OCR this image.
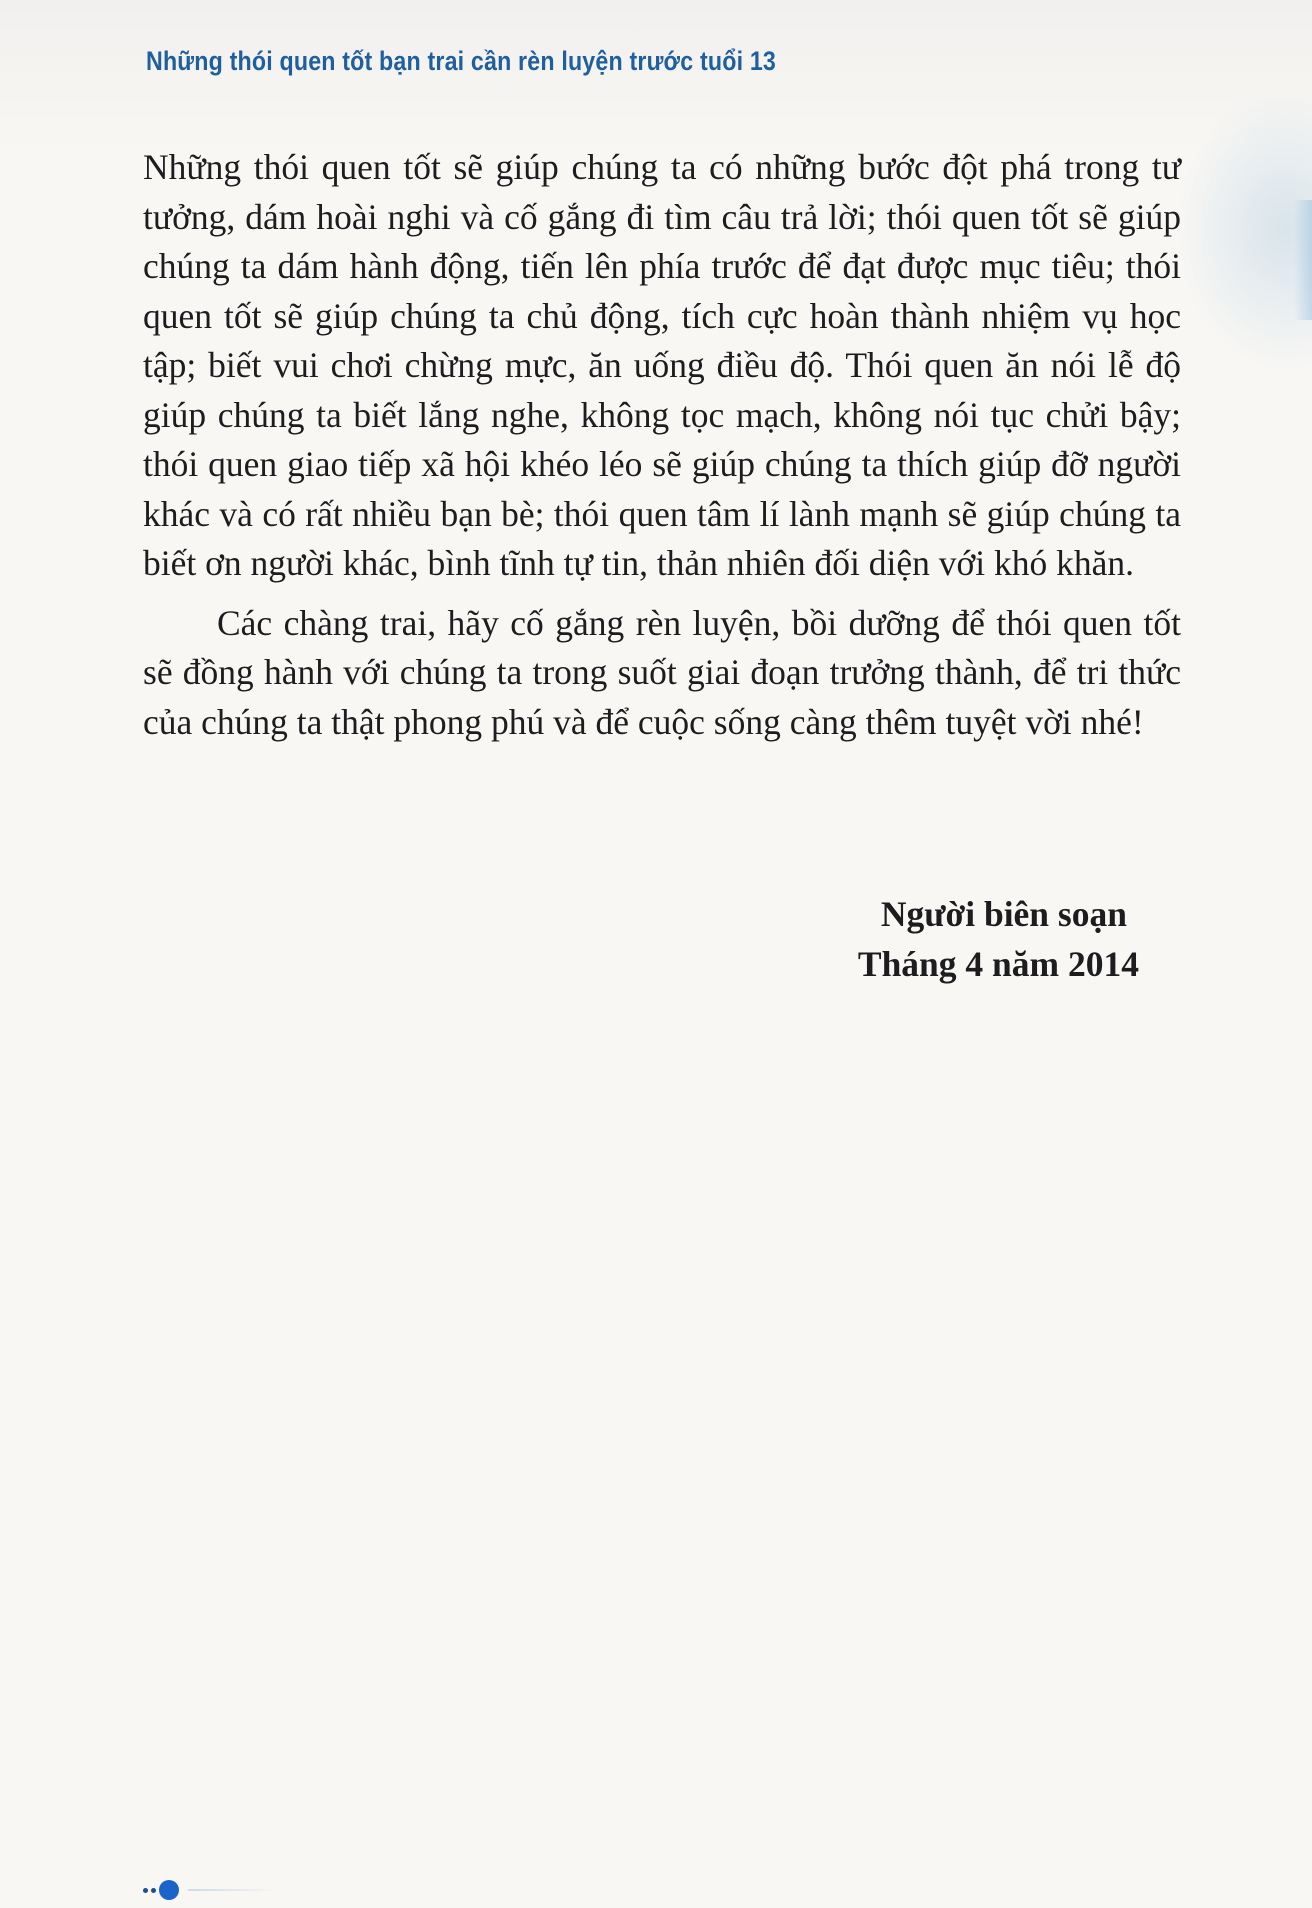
Những thói quen tốt bạn trai cần rèn luyện trước tuổi 13

Những thói quen tốt sẽ giúp chúng ta có những bước đột phá trong tư tưởng, dám hoài nghi và cố gắng đi tìm câu trả lời; thói quen tốt sẽ giúp chúng ta dám hành động, tiến lên phía trước để đạt được mục tiêu; thói quen tốt sẽ giúp chúng ta chủ động, tích cực hoàn thành nhiệm vụ học tập; biết vui chơi chừng mực, ăn uống điều độ. Thói quen ăn nói lễ độ giúp chúng ta biết lắng nghe, không tọc mạch, không nói tục chửi bậy; thói quen giao tiếp xã hội khéo léo sẽ giúp chúng ta thích giúp đỡ người khác và có rất nhiều bạn bè; thói quen tâm lí lành mạnh sẽ giúp chúng ta biết ơn người khác, bình tĩnh tự tin, thản nhiên đối diện với khó khăn.

Các chàng trai, hãy cố gắng rèn luyện, bồi dưỡng để thói quen tốt sẽ đồng hành với chúng ta trong suốt giai đoạn trưởng thành, để tri thức của chúng ta thật phong phú và để cuộc sống càng thêm tuyệt vời nhé!

Người biên soạn
Tháng 4 năm 2014
